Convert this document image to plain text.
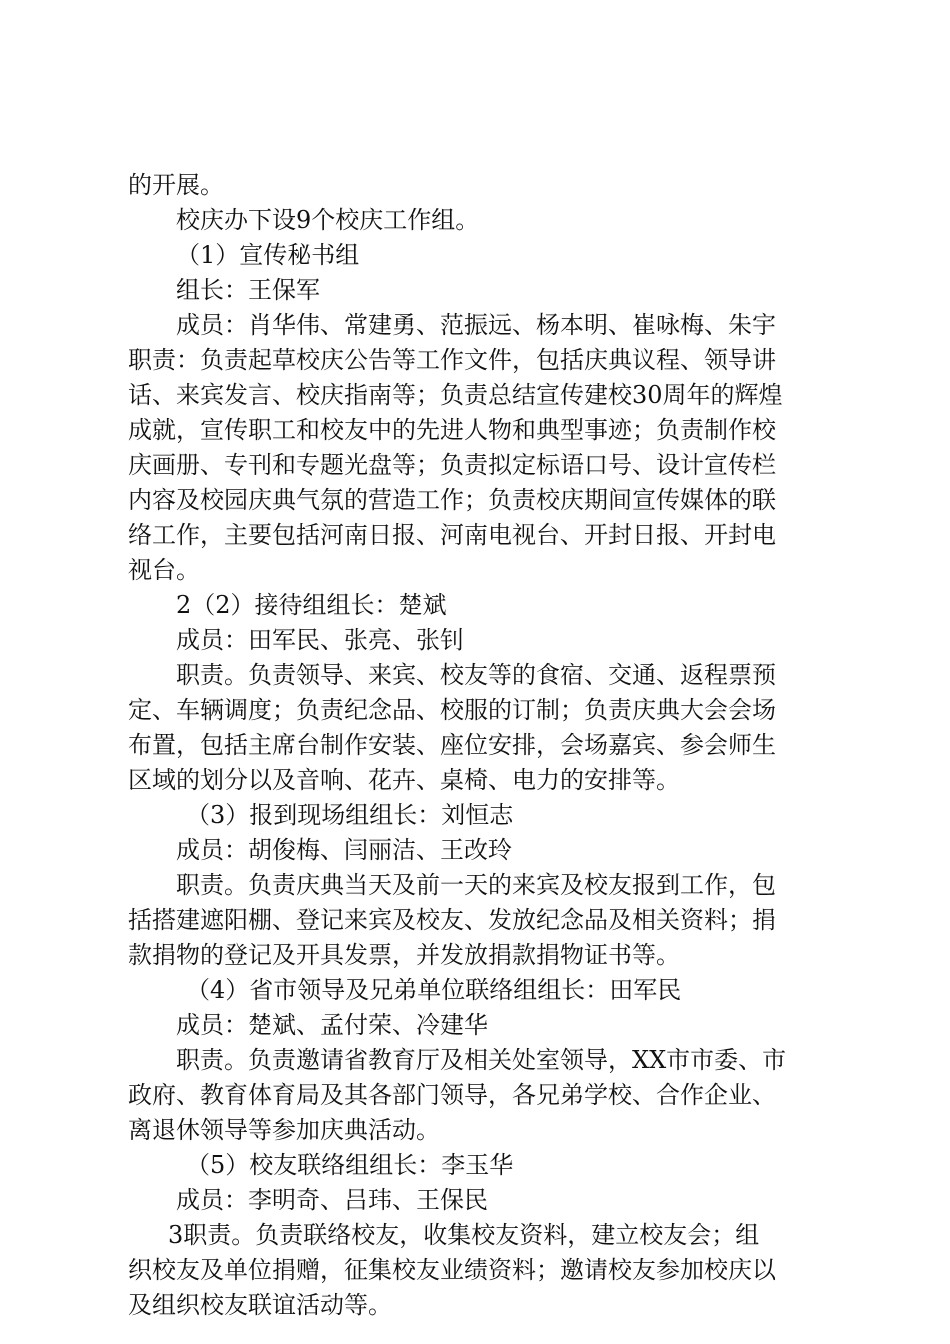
的开展。
校庆办下设9个校庆工作组。
（1）宣传秘书组
组长：王保军
成员：肖华伟、常建勇、范振远、杨本明、崔咏梅、朱宇
职责：负责起草校庆公告等工作文件，包括庆典议程、领导讲
话、来宾发言、校庆指南等；负责总结宣传建校30周年的辉煌
成就，宣传职工和校友中的先进人物和典型事迹；负责制作校
庆画册、专刊和专题光盘等；负责拟定标语口号、设计宣传栏
内容及校园庆典气氛的营造工作；负责校庆期间宣传媒体的联
络工作，主要包括河南日报、河南电视台、开封日报、开封电
视台。
2（2）接待组组长：楚斌
成员：田军民、张亮、张钊
职责。负责领导、来宾、校友等的食宿、交通、返程票预
定、车辆调度；负责纪念品、校服的订制；负责庆典大会会场
布置，包括主席台制作安装、座位安排，会场嘉宾、参会师生
区域的划分以及音响、花卉、桌椅、电力的安排等。
（3）报到现场组组长：刘恒志
成员：胡俊梅、闫丽洁、王改玲
职责。负责庆典当天及前一天的来宾及校友报到工作，包
括搭建遮阳棚、登记来宾及校友、发放纪念品及相关资料；捐
款捐物的登记及开具发票，并发放捐款捐物证书等。
（4）省市领导及兄弟单位联络组组长：田军民
成员：楚斌、孟付荣、冷建华
职责。负责邀请省教育厅及相关处室领导，XX市市委、市
政府、教育体育局及其各部门领导，各兄弟学校、合作企业、
离退休领导等参加庆典活动。
（5）校友联络组组长：李玉华
成员：李明奇、吕玮、王保民
3职责。负责联络校友，收集校友资料，建立校友会；组
织校友及单位捐赠，征集校友业绩资料；邀请校友参加校庆以
及组织校友联谊活动等。
